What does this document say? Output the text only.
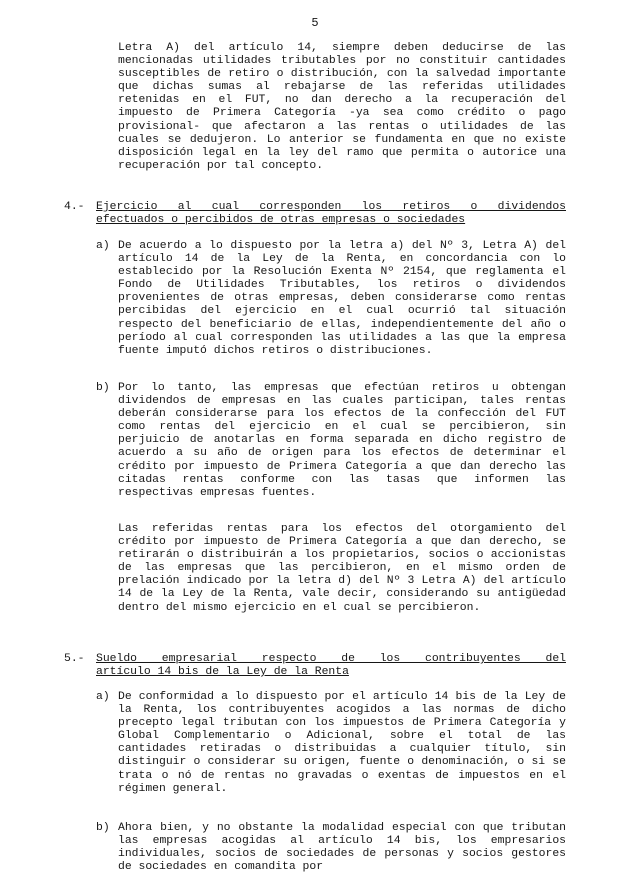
5
Letra A) del artículo 14, siempre deben deducirse de las mencionadas utilidades tributables por no constituir cantidades susceptibles de retiro o distribución, con la salvedad importante que dichas sumas al rebajarse de las referidas utilidades retenidas en el FUT, no dan derecho a la recuperación del impuesto de Primera Categoría -ya sea como crédito o pago provisional- que afectaron a las rentas o utilidades de las cuales se dedujeron. Lo anterior se fundamenta en que no existe disposición legal en la ley del ramo que permita o autorice una recuperación por tal concepto.
4.- Ejercicio al cual corresponden los retiros o dividendos
efectuados o percibidos de otras empresas o sociedades
a) De acuerdo a lo dispuesto por la letra a) del Nº 3, Letra A) del artículo 14 de la Ley de la Renta, en concordancia con lo establecido por la Resolución Exenta Nº 2154, que reglamenta el Fondo de Utilidades Tributables, los retiros o dividendos provenientes de otras empresas, deben considerarse como rentas percibidas del ejercicio en el cual ocurrió tal situación respecto del beneficiario de ellas, independientemente del año o período al cual corresponden las utilidades a las que la empresa fuente imputó dichos retiros o distribuciones.
b) Por lo tanto, las empresas que efectúan retiros u obtengan dividendos de empresas en las cuales participan, tales rentas deberán considerarse para los efectos de la confección del FUT como rentas del ejercicio en el cual se percibieron, sin perjuicio de anotarlas en forma separada en dicho registro de acuerdo a su año de origen para los efectos de determinar el crédito por impuesto de Primera Categoría a que dan derecho las citadas rentas conforme con las tasas que informen las respectivas empresas fuentes.
Las referidas rentas para los efectos del otorgamiento del crédito por impuesto de Primera Categoría a que dan derecho, se retirarán o distribuirán a los propietarios, socios o accionistas de las empresas que las percibieron, en el mismo orden de prelación indicado por la letra d) del Nº 3 Letra A) del artículo 14 de la Ley de la Renta, vale decir, considerando su antigüedad dentro del mismo ejercicio en el cual se percibieron.
5.- Sueldo empresarial respecto de los contribuyentes del
artículo 14 bis de la Ley de la Renta
a) De conformidad a lo dispuesto por el artículo 14 bis de la Ley de la Renta, los contribuyentes acogidos a las normas de dicho precepto legal tributan con los impuestos de Primera Categoría y Global Complementario o Adicional, sobre el total de las cantidades retiradas o distribuidas a cualquier título, sin distinguir o considerar su origen, fuente o denominación, o si se trata o nó de rentas no gravadas o exentas de impuestos en el régimen general.
b) Ahora bien, y no obstante la modalidad especial con que tributan las empresas acogidas al artículo 14 bis, los empresarios individuales, socios de sociedades de personas y socios gestores de sociedades en comandita por
